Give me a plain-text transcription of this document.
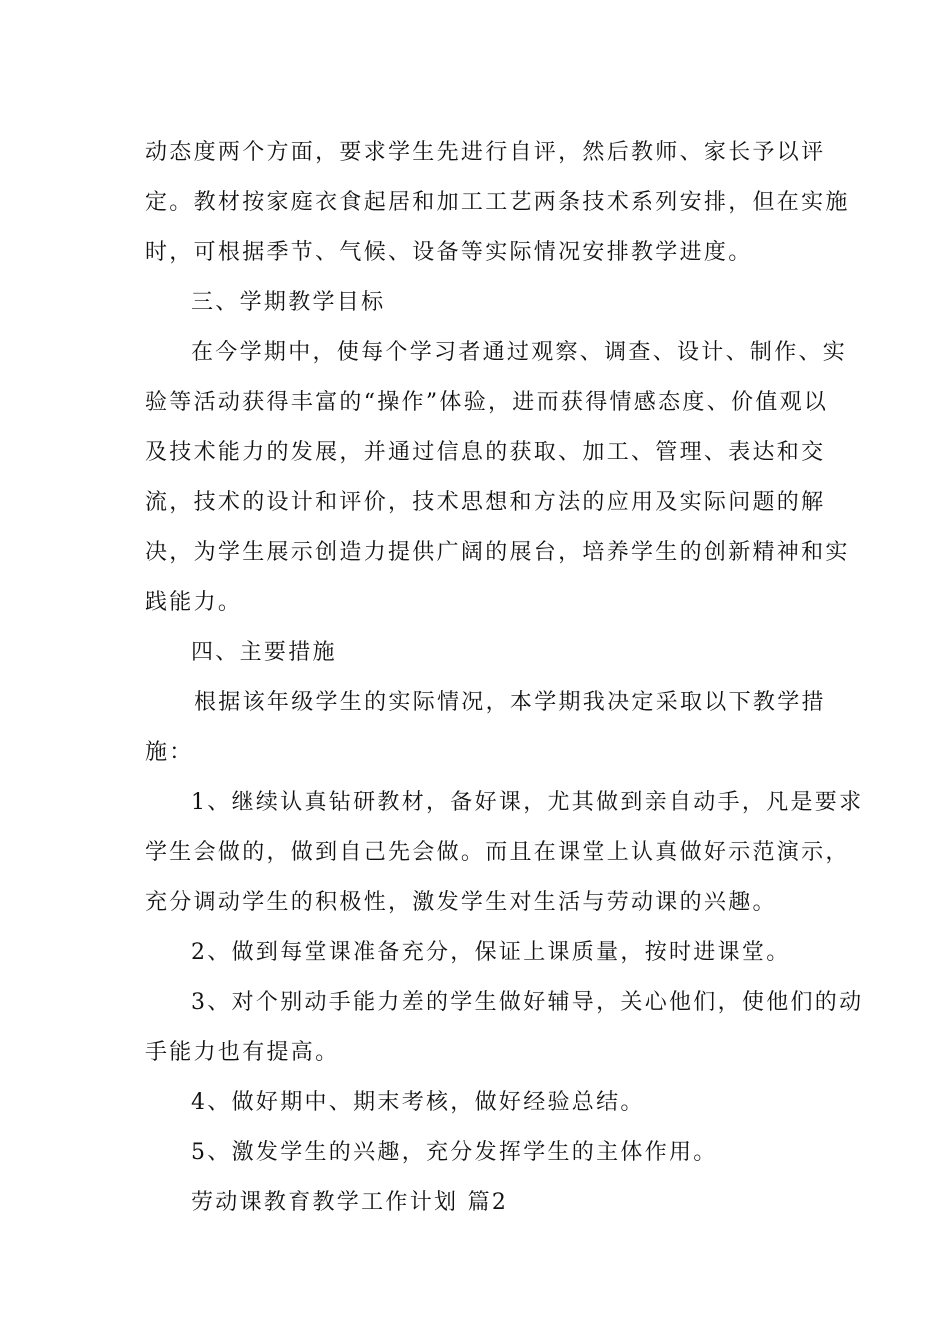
动态度两个方面，要求学生先进行自评，然后教师、家长予以评
定。教材按家庭衣食起居和加工工艺两条技术系列安排，但在实施
时，可根据季节、气候、设备等实际情况安排教学进度。
三、学期教学目标
在今学期中，使每个学习者通过观察、调查、设计、制作、实
验等活动获得丰富的“操作”体验，进而获得情感态度、价值观以
及技术能力的发展，并通过信息的获取、加工、管理、表达和交
流，技术的设计和评价，技术思想和方法的应用及实际问题的解
决，为学生展示创造力提供广阔的展台，培养学生的创新精神和实
践能力。
四、主要措施
根据该年级学生的实际情况，本学期我决定采取以下教学措
施：
1、继续认真钻研教材，备好课，尤其做到亲自动手，凡是要求
学生会做的，做到自己先会做。而且在课堂上认真做好示范演示，
充分调动学生的积极性，激发学生对生活与劳动课的兴趣。
2、做到每堂课准备充分，保证上课质量，按时进课堂。
3、对个别动手能力差的学生做好辅导，关心他们，使他们的动
手能力也有提高。
4、做好期中、期末考核，做好经验总结。
5、激发学生的兴趣，充分发挥学生的主体作用。
劳动课教育教学工作计划 篇2
